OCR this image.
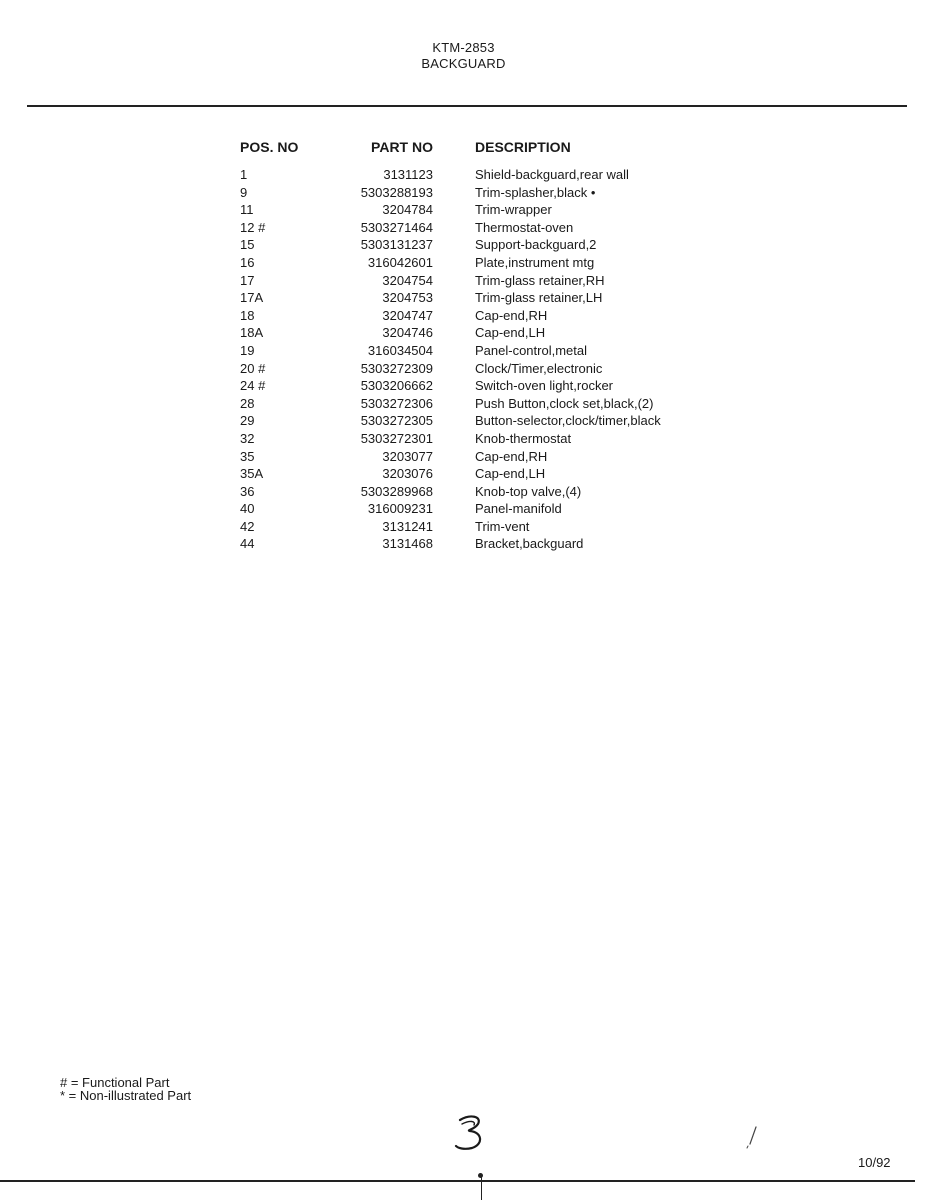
KTM-2853
BACKGUARD
POS. NO	PART NO	DESCRIPTION
1	3131123	Shield-backguard,rear wall
9	5303288193	Trim-splasher,black •
11	3204784	Trim-wrapper
12 #	5303271464	Thermostat-oven
15	5303131237	Support-backguard,2
16	316042601	Plate,instrument mtg
17	3204754	Trim-glass retainer,RH
17A	3204753	Trim-glass retainer,LH
18	3204747	Cap-end,RH
18A	3204746	Cap-end,LH
19	316034504	Panel-control,metal
20 #	5303272309	Clock/Timer,electronic
24 #	5303206662	Switch-oven light,rocker
28	5303272306	Push Button,clock set,black,(2)
29	5303272305	Button-selector,clock/timer,black
32	5303272301	Knob-thermostat
35	3203077	Cap-end,RH
35A	3203076	Cap-end,LH
36	5303289968	Knob-top valve,(4)
40	316009231	Panel-manifold
42	3131241	Trim-vent
44	3131468	Bracket,backguard
# = Functional Part
* = Non-illustrated Part
10/92
